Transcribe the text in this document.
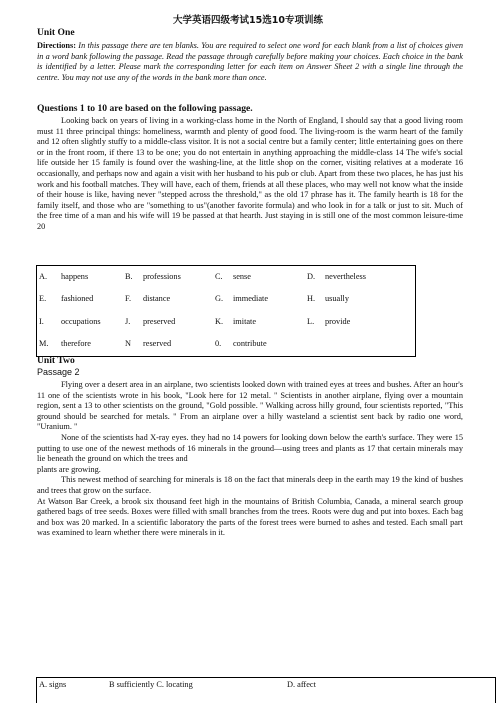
大学英语四级考试15选10专项训练
Unit One
Directions: In this passage there are ten blanks. You are required to select one word for each blank from a list of choices given in a word bank following the passage. Read the passage through carefully before making your choices. Each choice in the bank is identified by a letter. Please mark the corresponding letter for each item on Answer Sheet 2 with a single line through the centre. You may not use any of the words in the bank more than once.
Questions 1 to 10 are based on the following passage.

Looking back on years of living in a working-class home in the North of England, I should say that a good living room must 11 three principal things: homeliness, warmth and plenty of good food. The living-room is the warm heart of the family and 12 often slightly stuffy to a middle-class visitor. It is not a social centre but a family center; little entertaining goes on there or in the front room, if there 13 to be one; you do not entertain in anything approaching the middle-class 14 The wife's social life outside her 15 family is found over the washing-line, at the little shop on the corner, visiting relatives at a moderate 16 occasionally, and perhaps now and again a visit with her husband to his pub or club. Apart from these two places, he has just his work and his football matches. They will have, each of them, friends at all these places, who may well not know what the inside of their house is like, having never "stepped across the threshold," as the old 17 phrase has it. The family hearth is 18 for the family itself, and those who are "something to us"(another favorite formula) and who look in for a talk or just to sit. Much of the free time of a man and his wife will 19 be passed at that hearth. Just staying in is still one of the most common leisure-time 20

A.	happens	B.	professions	C.	sense	D.	nevertheless
E.	fashioned	F.	distance	G.	immediate	H.	usually
I.	occupations	J.	preserved	K.	imitate	L.	provide
M.	therefore	N	reserved	0.	contribute		
Unit Two
Passage 2

Flying over a desert area in an airplane, two scientists looked down with trained eyes at trees and bushes. After an hour's 11 one of the scientists wrote in his book, "Look here for 12 metal. " Scientists in another airplane, flying over a mountain region, sent a 13 to other scientists on the ground, "Gold possible. " Walking across hilly ground, four scientists reported, "This ground should be searched for metals. " From an airplane over a hilly wasteland a scientist sent back by radio one word, "Uranium. "

None of the scientists had X-ray eyes. they had no 14 powers for looking down below the earth's surface. They were 15 putting to use one of the newest methods of 16 minerals in the ground—using trees and plants as 17 that certain minerals may lie beneath the ground on which the trees and

plants are growing.

This newest method of searching for minerals is 18 on the fact that minerals deep in the earth may 19 the kind of bushes and trees that grow on the surface.

At Watson Bar Creek, a brook six thousand feet high in the mountains of British Columbia, Canada, a mineral search group gathered bags of tree seeds. Boxes were filled with small branches from the trees. Roots were dug and put into boxes. Each bag and box was 20 marked. In a scientific laboratory the parts of the forest trees were burned to ashes and tested. Each small part was examined to learn whether there were minerals in it.

A. signs	B sufficiently C. locating	D. affect
